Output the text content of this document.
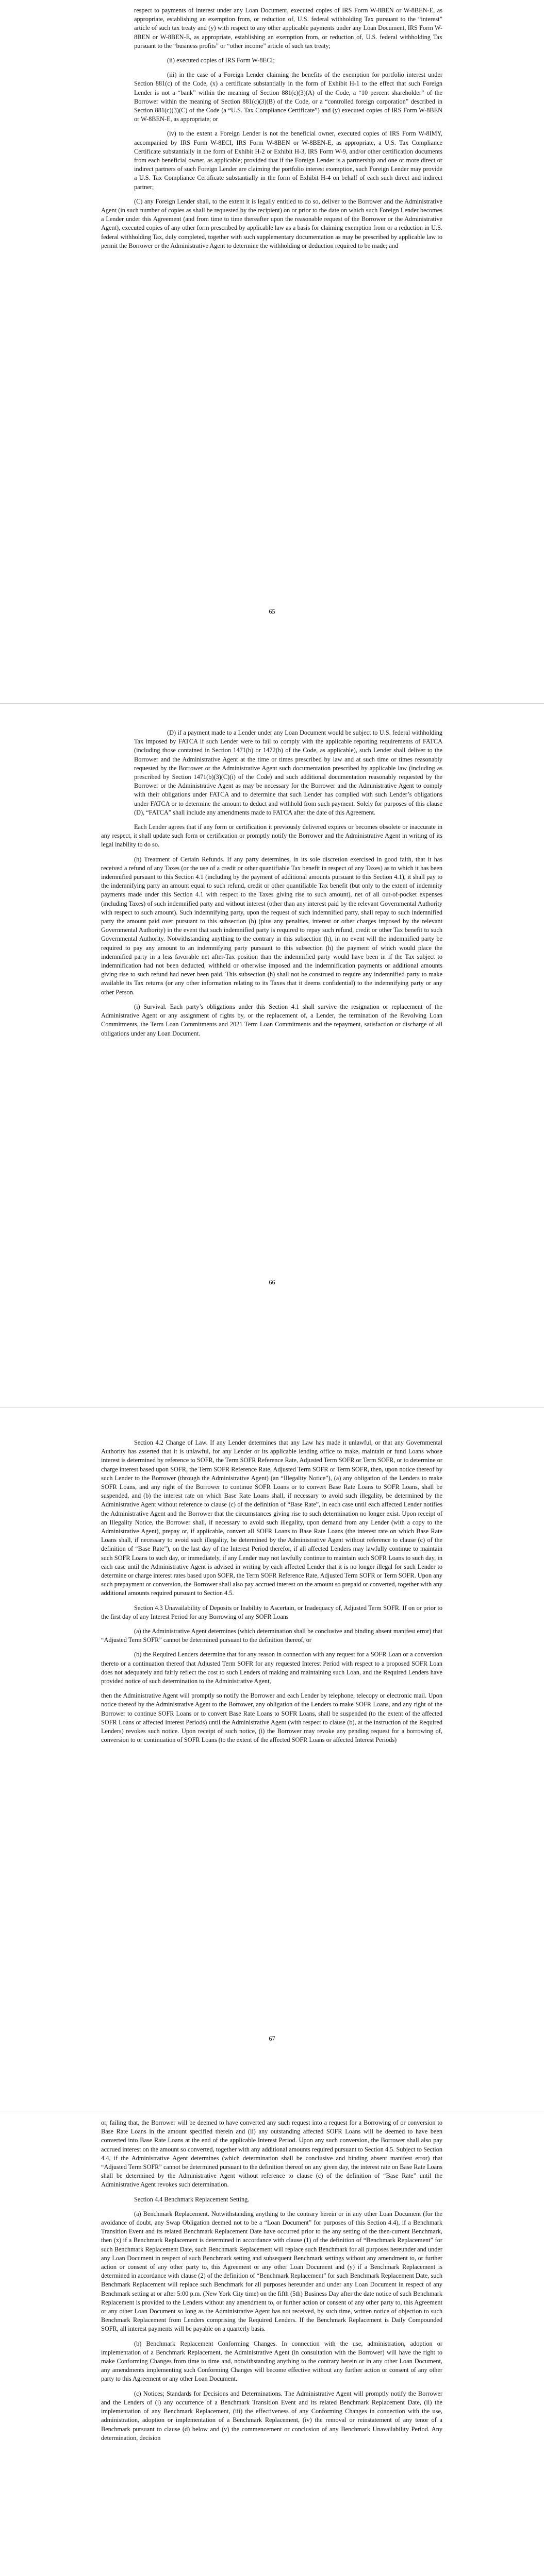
respect to payments of interest under any Loan Document, executed copies of IRS Form W-8BEN or W-8BEN-E, as appropriate, establishing an exemption from, or reduction of, U.S. federal withholding Tax pursuant to the “interest” article of such tax treaty and (y) with respect to any other applicable payments under any Loan Document, IRS Form W-8BEN or W-8BEN-E, as appropriate, establishing an exemption from, or reduction of, U.S. federal withholding Tax pursuant to the “business profits” or “other income” article of such tax treaty;

(ii) executed copies of IRS Form W-8ECI;

(iii) in the case of a Foreign Lender claiming the benefits of the exemption for portfolio interest under Section 881(c) of the Code, (x) a certificate substantially in the form of Exhibit H-1 to the effect that such Foreign Lender is not a “bank” within the meaning of Section 881(c)(3)(A) of the Code, a “10 percent shareholder” of the Borrower within the meaning of Section 881(c)(3)(B) of the Code, or a “controlled foreign corporation” described in Section 881(c)(3)(C) of the Code (a “U.S. Tax Compliance Certificate”) and (y) executed copies of IRS Form W-8BEN or W-8BEN-E, as appropriate; or

(iv) to the extent a Foreign Lender is not the beneficial owner, executed copies of IRS Form W-8IMY, accompanied by IRS Form W-8ECI, IRS Form W-8BEN or W-8BEN-E, as appropriate, a U.S. Tax Compliance Certificate substantially in the form of Exhibit H-2 or Exhibit H-3, IRS Form W-9, and/or other certification documents from each beneficial owner, as applicable; provided that if the Foreign Lender is a partnership and one or more direct or indirect partners of such Foreign Lender are claiming the portfolio interest exemption, such Foreign Lender may provide a U.S. Tax Compliance Certificate substantially in the form of Exhibit H-4 on behalf of each such direct and indirect partner;

(C) any Foreign Lender shall, to the extent it is legally entitled to do so, deliver to the Borrower and the Administrative Agent (in such number of copies as shall be requested by the recipient) on or prior to the date on which such Foreign Lender becomes a Lender under this Agreement (and from time to time thereafter upon the reasonable request of the Borrower or the Administrative Agent), executed copies of any other form prescribed by applicable law as a basis for claiming exemption from or a reduction in U.S. federal withholding Tax, duly completed, together with such supplementary documentation as may be prescribed by applicable law to permit the Borrower or the Administrative Agent to determine the withholding or deduction required to be made; and

65

(D) if a payment made to a Lender under any Loan Document would be subject to U.S. federal withholding Tax imposed by FATCA if such Lender were to fail to comply with the applicable reporting requirements of FATCA (including those contained in Section 1471(b) or 1472(b) of the Code, as applicable), such Lender shall deliver to the Borrower and the Administrative Agent at the time or times prescribed by law and at such time or times reasonably requested by the Borrower or the Administrative Agent such documentation prescribed by applicable law (including as prescribed by Section 1471(b)(3)(C)(i) of the Code) and such additional documentation reasonably requested by the Borrower or the Administrative Agent as may be necessary for the Borrower and the Administrative Agent to comply with their obligations under FATCA and to determine that such Lender has complied with such Lender’s obligations under FATCA or to determine the amount to deduct and withhold from such payment. Solely for purposes of this clause (D), “FATCA” shall include any amendments made to FATCA after the date of this Agreement.

Each Lender agrees that if any form or certification it previously delivered expires or becomes obsolete or inaccurate in any respect, it shall update such form or certification or promptly notify the Borrower and the Administrative Agent in writing of its legal inability to do so.

(h) Treatment of Certain Refunds. If any party determines, in its sole discretion exercised in good faith, that it has received a refund of any Taxes (or the use of a credit or other quantifiable Tax benefit in respect of any Taxes) as to which it has been indemnified pursuant to this Section 4.1 (including by the payment of additional amounts pursuant to this Section 4.1), it shall pay to the indemnifying party an amount equal to such refund, credit or other quantifiable Tax benefit (but only to the extent of indemnity payments made under this Section 4.1 with respect to the Taxes giving rise to such amount), net of all out-of-pocket expenses (including Taxes) of such indemnified party and without interest (other than any interest paid by the relevant Governmental Authority with respect to such amount). Such indemnifying party, upon the request of such indemnified party, shall repay to such indemnified party the amount paid over pursuant to this subsection (h) (plus any penalties, interest or other charges imposed by the relevant Governmental Authority) in the event that such indemnified party is required to repay such refund, credit or other Tax benefit to such Governmental Authority. Notwithstanding anything to the contrary in this subsection (h), in no event will the indemnified party be required to pay any amount to an indemnifying party pursuant to this subsection (h) the payment of which would place the indemnified party in a less favorable net after-Tax position than the indemnified party would have been in if the Tax subject to indemnification had not been deducted, withheld or otherwise imposed and the indemnification payments or additional amounts giving rise to such refund had never been paid. This subsection (h) shall not be construed to require any indemnified party to make available its Tax returns (or any other information relating to its Taxes that it deems confidential) to the indemnifying party or any other Person.

(i) Survival. Each party’s obligations under this Section 4.1 shall survive the resignation or replacement of the Administrative Agent or any assignment of rights by, or the replacement of, a Lender, the termination of the Revolving Loan Commitments, the Term Loan Commitments and 2021 Term Loan Commitments and the repayment, satisfaction or discharge of all obligations under any Loan Document.

66

Section 4.2 Change of Law. If any Lender determines that any Law has made it unlawful, or that any Governmental Authority has asserted that it is unlawful, for any Lender or its applicable lending office to make, maintain or fund Loans whose interest is determined by reference to SOFR, the Term SOFR Reference Rate, Adjusted Term SOFR or Term SOFR, or to determine or charge interest based upon SOFR, the Term SOFR Reference Rate, Adjusted Term SOFR or Term SOFR, then, upon notice thereof by such Lender to the Borrower (through the Administrative Agent) (an “Illegality Notice”), (a) any obligation of the Lenders to make SOFR Loans, and any right of the Borrower to continue SOFR Loans or to convert Base Rate Loans to SOFR Loans, shall be suspended, and (b) the interest rate on which Base Rate Loans shall, if necessary to avoid such illegality, be determined by the Administrative Agent without reference to clause (c) of the definition of “Base Rate”, in each case until each affected Lender notifies the Administrative Agent and the Borrower that the circumstances giving rise to such determination no longer exist. Upon receipt of an Illegality Notice, the Borrower shall, if necessary to avoid such illegality, upon demand from any Lender (with a copy to the Administrative Agent), prepay or, if applicable, convert all SOFR Loans to Base Rate Loans (the interest rate on which Base Rate Loans shall, if necessary to avoid such illegality, be determined by the Administrative Agent without reference to clause (c) of the definition of “Base Rate”), on the last day of the Interest Period therefor, if all affected Lenders may lawfully continue to maintain such SOFR Loans to such day, or immediately, if any Lender may not lawfully continue to maintain such SOFR Loans to such day, in each case until the Administrative Agent is advised in writing by each affected Lender that it is no longer illegal for such Lender to determine or charge interest rates based upon SOFR, the Term SOFR Reference Rate, Adjusted Term SOFR or Term SOFR. Upon any such prepayment or conversion, the Borrower shall also pay accrued interest on the amount so prepaid or converted, together with any additional amounts required pursuant to Section 4.5.

Section 4.3 Unavailability of Deposits or Inability to Ascertain, or Inadequacy of, Adjusted Term SOFR. If on or prior to the first day of any Interest Period for any Borrowing of any SOFR Loans

(a) the Administrative Agent determines (which determination shall be conclusive and binding absent manifest error) that “Adjusted Term SOFR” cannot be determined pursuant to the definition thereof, or

(b) the Required Lenders determine that for any reason in connection with any request for a SOFR Loan or a conversion thereto or a continuation thereof that Adjusted Term SOFR for any requested Interest Period with respect to a proposed SOFR Loan does not adequately and fairly reflect the cost to such Lenders of making and maintaining such Loan, and the Required Lenders have provided notice of such determination to the Administrative Agent,

then the Administrative Agent will promptly so notify the Borrower and each Lender by telephone, telecopy or electronic mail. Upon notice thereof by the Administrative Agent to the Borrower, any obligation of the Lenders to make SOFR Loans, and any right of the Borrower to continue SOFR Loans or to convert Base Rate Loans to SOFR Loans, shall be suspended (to the extent of the affected SOFR Loans or affected Interest Periods) until the Administrative Agent (with respect to clause (b), at the instruction of the Required Lenders) revokes such notice. Upon receipt of such notice, (i) the Borrower may revoke any pending request for a borrowing of, conversion to or continuation of SOFR Loans (to the extent of the affected SOFR Loans or affected Interest Periods)

67

or, failing that, the Borrower will be deemed to have converted any such request into a request for a Borrowing of or conversion to Base Rate Loans in the amount specified therein and (ii) any outstanding affected SOFR Loans will be deemed to have been converted into Base Rate Loans at the end of the applicable Interest Period. Upon any such conversion, the Borrower shall also pay accrued interest on the amount so converted, together with any additional amounts required pursuant to Section 4.5. Subject to Section 4.4, if the Administrative Agent determines (which determination shall be conclusive and binding absent manifest error) that “Adjusted Term SOFR” cannot be determined pursuant to the definition thereof on any given day, the interest rate on Base Rate Loans shall be determined by the Administrative Agent without reference to clause (c) of the definition of “Base Rate” until the Administrative Agent revokes such determination.

Section 4.4 Benchmark Replacement Setting.

(a) Benchmark Replacement. Notwithstanding anything to the contrary herein or in any other Loan Document (for the avoidance of doubt, any Swap Obligation deemed not to be a “Loan Document” for purposes of this Section 4.4), if a Benchmark Transition Event and its related Benchmark Replacement Date have occurred prior to the any setting of the then-current Benchmark, then (x) if a Benchmark Replacement is determined in accordance with clause (1) of the definition of “Benchmark Replacement” for such Benchmark Replacement Date, such Benchmark Replacement will replace such Benchmark for all purposes hereunder and under any Loan Document in respect of such Benchmark setting and subsequent Benchmark settings without any amendment to, or further action or consent of any other party to, this Agreement or any other Loan Document and (y) if a Benchmark Replacement is determined in accordance with clause (2) of the definition of “Benchmark Replacement” for such Benchmark Replacement Date, such Benchmark Replacement will replace such Benchmark for all purposes hereunder and under any Loan Document in respect of any Benchmark setting at or after 5:00 p.m. (New York City time) on the fifth (5th) Business Day after the date notice of such Benchmark Replacement is provided to the Lenders without any amendment to, or further action or consent of any other party to, this Agreement or any other Loan Document so long as the Administrative Agent has not received, by such time, written notice of objection to such Benchmark Replacement from Lenders comprising the Required Lenders. If the Benchmark Replacement is Daily Compounded SOFR, all interest payments will be payable on a quarterly basis.

(b) Benchmark Replacement Conforming Changes. In connection with the use, administration, adoption or implementation of a Benchmark Replacement, the Administrative Agent (in consultation with the Borrower) will have the right to make Conforming Changes from time to time and, notwithstanding anything to the contrary herein or in any other Loan Document, any amendments implementing such Conforming Changes will become effective without any further action or consent of any other party to this Agreement or any other Loan Document.

(c) Notices; Standards for Decisions and Determinations. The Administrative Agent will promptly notify the Borrower and the Lenders of (i) any occurrence of a Benchmark Transition Event and its related Benchmark Replacement Date, (ii) the implementation of any Benchmark Replacement, (iii) the effectiveness of any Conforming Changes in connection with the use, administration, adoption or implementation of a Benchmark Replacement, (iv) the removal or reinstatement of any tenor of a Benchmark pursuant to clause (d) below and (v) the commencement or conclusion of any Benchmark Unavailability Period. Any determination, decision
